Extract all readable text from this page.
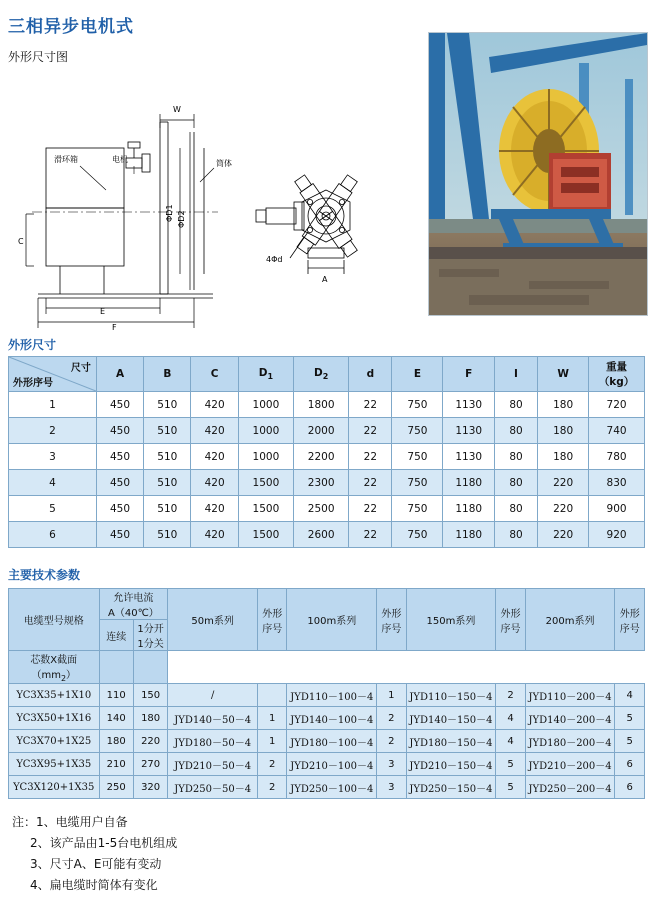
三相异步电机式
外形尺寸图
滑环箱	电机	筒体
W
ΦD1 ΦD2
C
E
F
A
4Φd
外形尺寸
尺寸
外形序号	A	B	C	$D_1$	$D_2$	d	E	F	I	W	重量
（kg）
1	450	510	420	1000	1800	22	750	1130	80	180	720
2	450	510	420	1000	2000	22	750	1130	80	180	740
3	450	510	420	1000	2200	22	750	1130	80	180	780
4	450	510	420	1500	2300	22	750	1180	80	220	830
5	450	510	420	1500	2500	22	750	1180	80	220	900
6	450	510	420	1500	2600	22	750	1180	80	220	920
主要技术参数
电缆型号规格	允许电流
A（40℃）		50m系列	外形
序号	100m系列	外形
序号	150m系列	外形
序号	200m系列	外形
序号
	连续	1分开
1分关								
芯数X截面
$(mm_2)$										
YC3X35+1X10	110	150	/		JYD110－100－4	1	JYD110－150－4	2	JYD110－200－4	4
YC3X50+1X16	140	180	JYD140－50－4	1	JYD140－100－4	2	JYD140－150－4	4	JYD140－200－4	5
YC3X70+1X25	180	220	JYD180－50－4	1	JYD180－100－4	2	JYD180－150－4	4	JYD180－200－4	5
YC3X95+1X35	210	270	JYD210－50－4	2	JYD210－100－4	3	JYD210－150－4	5	JYD210－200－4	6
YC3X120+1X35	250	320	JYD250－50－4	2	JYD250－100－4	3	JYD250－150－4	5	JYD250－200－4	6
注：1、电缆用户自备
2、该产品由1-5台电机组成
3、尺寸A、E可能有变动
4、扁电缆时简体有变化
